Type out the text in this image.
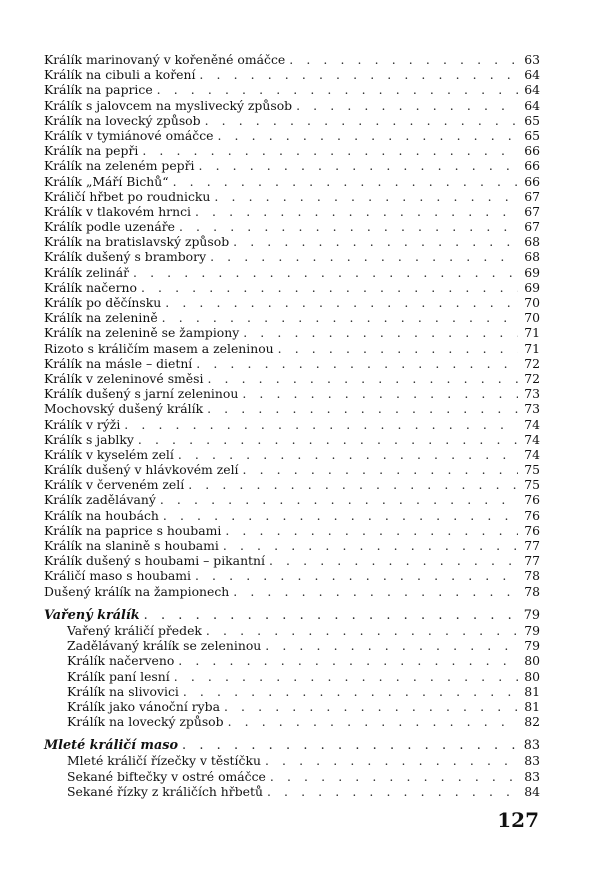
Králík marinovaný v kořeněné omáčce . . .	63
Králík na cibuli a koření . . .	64
Králík na paprice . . .	64
Králík s jalovcem na myslivecký způsob . . .	64
Králík na lovecký způsob . . .	65
Králík v tymiánové omáčce . . .	65
Králík na pepři . . .	66
Králík na zeleném pepři . . .	66
Králík „Máří Bichů“ . . .	66
Králičí hřbet po roudnicku . . .	67
Králík v tlakovém hrnci . . .	67
Králík podle uzenáře . . .	67
Králík na bratislavský způsob . . .	68
Králík dušený s brambory . . .	68
Králík zelinář . . .	69
Králík načerno . . .	69
Králík po děčínsku . . .	70
Králík na zelenině . . .	70
Králík na zelenině se žampiony . . .	71
Rizoto s králičím masem a zeleninou . . .	71
Králík na másle – dietní . . .	72
Králík v zeleninové směsi . . .	72
Králík dušený s jarní zeleninou . . .	73
Mochovský dušený králík . . .	73
Králík v rýži . . .	74
Králík s jablky . . .	74
Králík v kyselém zelí . . .	74
Králík dušený v hlávkovém zelí . . .	75
Králík v červeném zelí . . .	75
Králík zadělávaný . . .	76
Králík na houbách . . .	76
Králík na paprice s houbami . . .	76
Králík na slanině s houbami . . .	77
Králík dušený s houbami – pikantní . . .	77
Králičí maso s houbami . . .	78
Dušený králík na žampionech . . .	78
Vařený králík . . .	79
Vařený králičí předek . . .	79
Zadělávaný králík se zeleninou . . .	79
Králík načerveno . . .	80
Králík paní lesní . . .	80
Králík na slivovici . . .	81
Králík jako vánoční ryba . . .	81
Králík na lovecký způsob . . .	82
Mleté králičí maso . . .	83
Mleté králičí řízečky v těstíčku . . .	83
Sekané biftečky v ostré omáčce . . .	83
Sekané řízky z králičích hřbetů . . .	84
127
